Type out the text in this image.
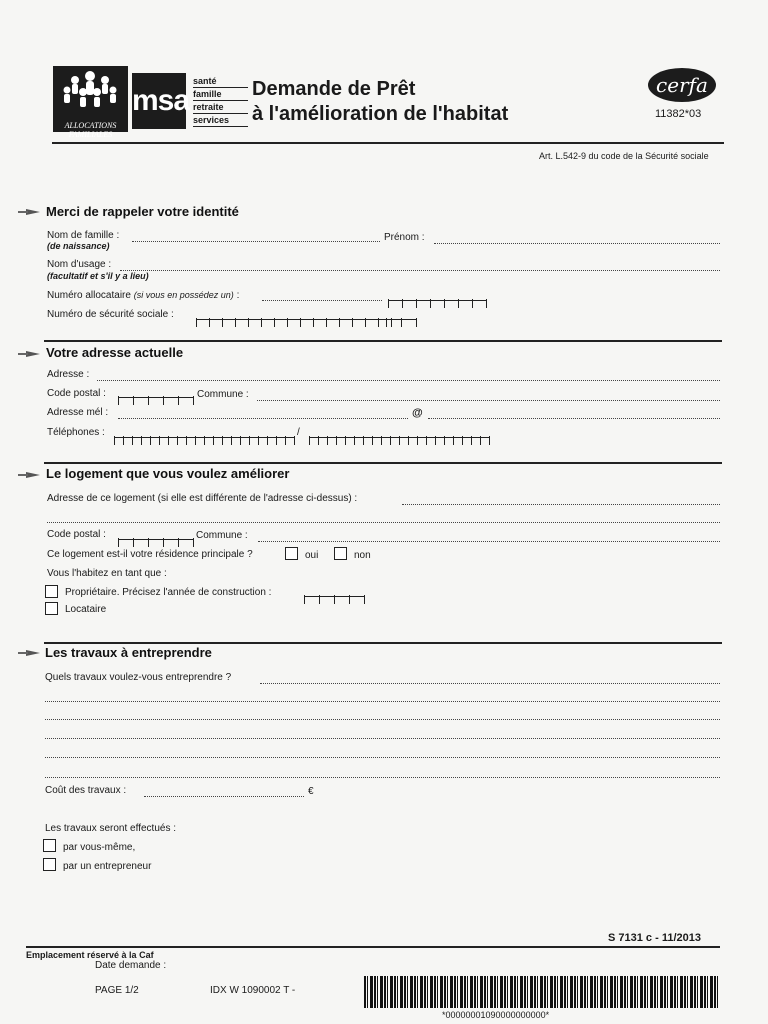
ALLOCATIONS FAMILIALES
msa
santé
famille
retraite
services
Demande de Prêt
à l'amélioration de l'habitat
cerfa
11382*03
Art. L.542-9 du code de la Sécurité sociale
Merci de rappeler votre identité
Nom de famille :
(de naissance)
Prénom :
Nom d'usage :
(facultatif et s'il y a lieu)
Numéro allocataire (si vous en possédez un) :
Numéro de sécurité sociale :
Votre adresse actuelle
Adresse :
Code postal :	Commune :
Adresse mél :	@
Téléphones :	/
Le logement que vous voulez améliorer
Adresse de ce logement (si elle est différente de l'adresse ci-dessus) :
Code postal :	Commune :
Ce logement est-il votre résidence principale ?	oui	non
Vous l'habitez en tant que :
Propriétaire. Précisez l'année de construction :
Locataire
Les travaux à entreprendre
Quels travaux voulez-vous entreprendre ?
Coût des travaux :	€
Les travaux seront effectués :
par vous-même,
par un entrepreneur
S 7131 c - 11/2013
Emplacement réservé à la Caf
Date demande :
PAGE 1/2	IDX W 1090002 T -
*00000001090000000000*
